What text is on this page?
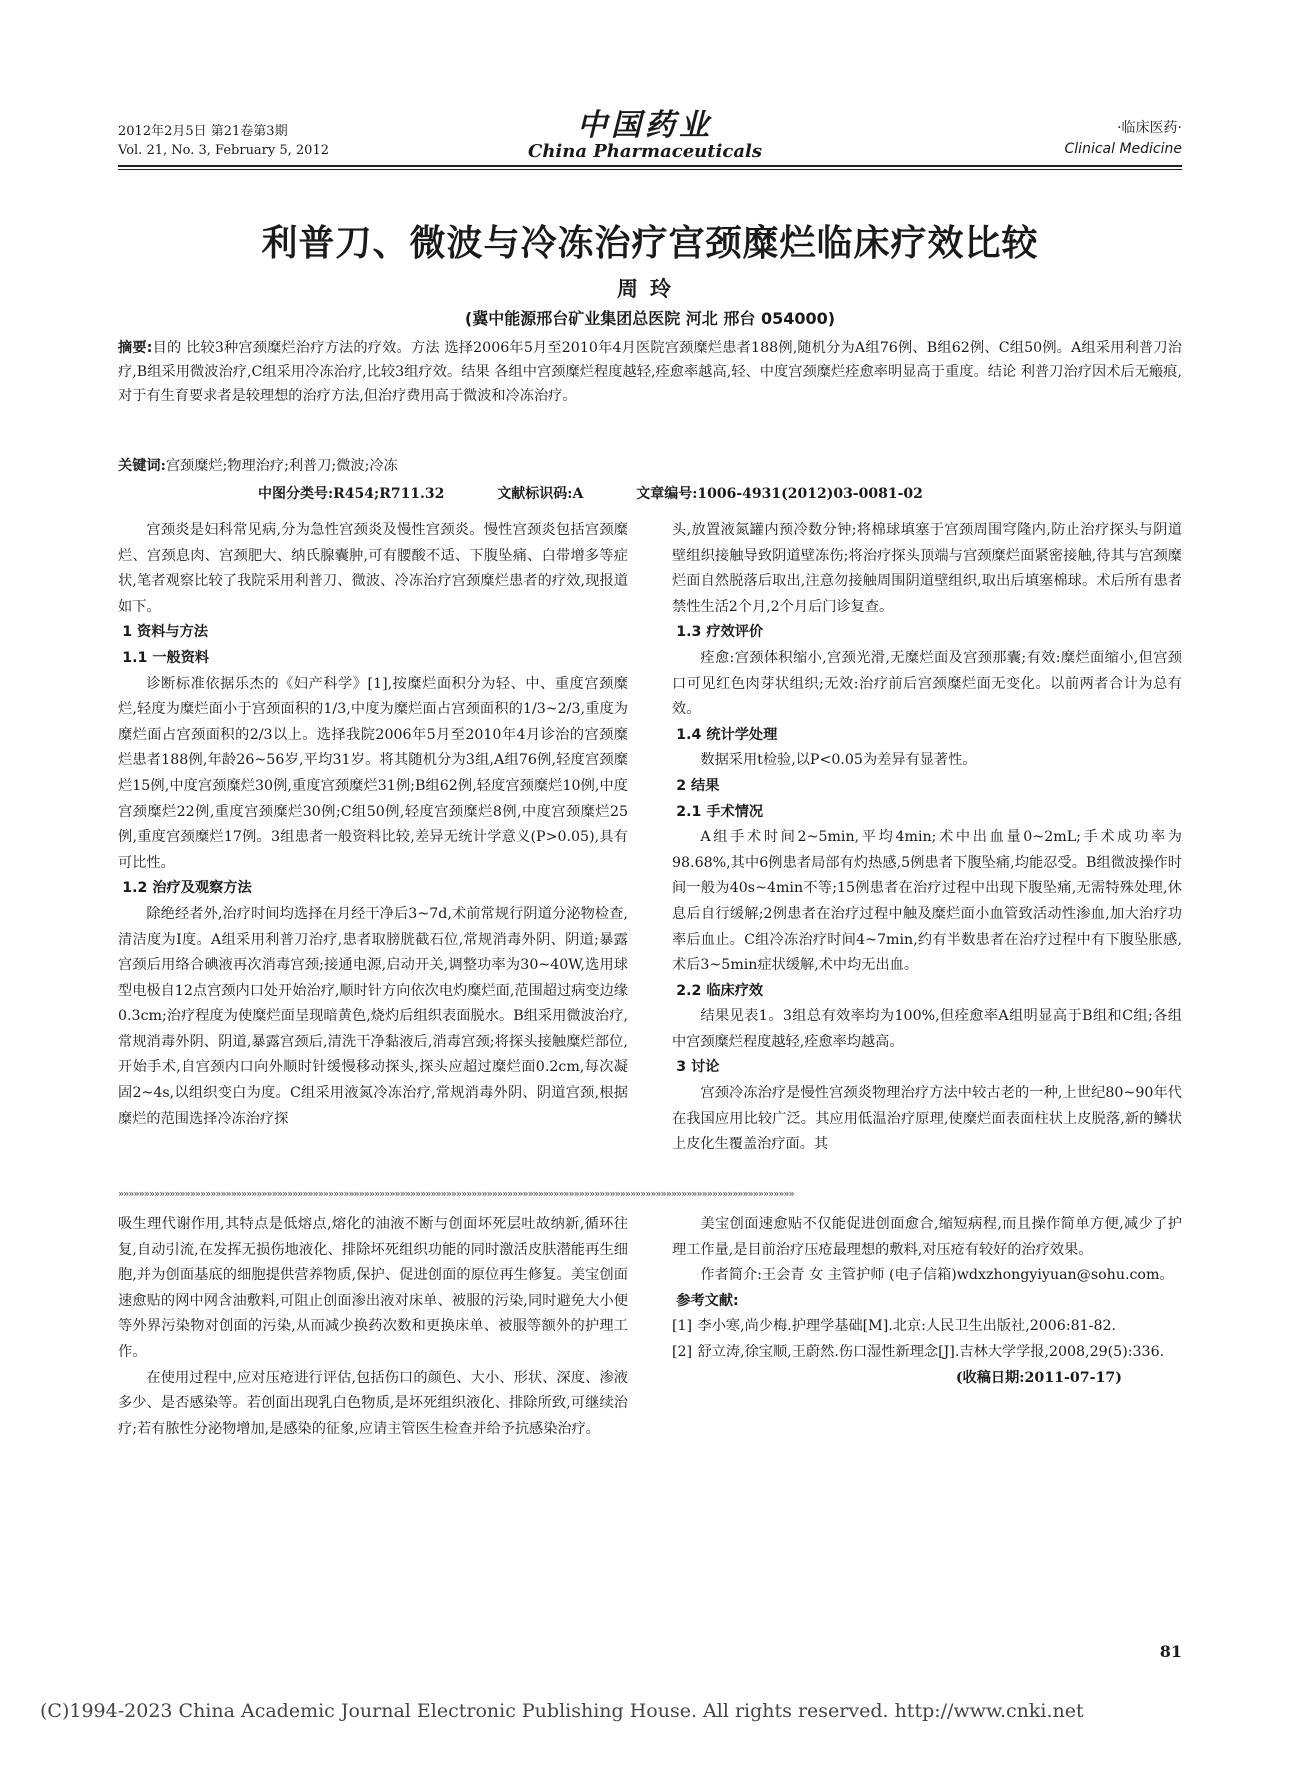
2012年2月5日 第21卷第3期
Vol. 21, No. 3, February 5, 2012
中国药业
China Pharmaceuticals
·临床医药·
Clinical Medicine
利普刀、微波与冷冻治疗宫颈糜烂临床疗效比较
周玲
(冀中能源邢台矿业集团总医院 河北 邢台 054000)
摘要:目的 比较3种宫颈糜烂治疗方法的疗效。方法 选择2006年5月至2010年4月医院宫颈糜烂患者188例,随机分为A组76例、B组62例、C组50例。A组采用利普刀治疗,B组采用微波治疗,C组采用冷冻治疗,比较3组疗效。结果 各组中宫颈糜烂程度越轻,痊愈率越高,轻、中度宫颈糜烂痊愈率明显高于重度。结论 利普刀治疗因术后无瘢痕,对于有生育要求者是较理想的治疗方法,但治疗费用高于微波和冷冻治疗。
关键词:宫颈糜烂;物理治疗;利普刀;微波;冷冻
中图分类号:R454;R711.32	文献标识码:A	文章编号:1006-4931(2012)03-0081-02

宫颈炎是妇科常见病,分为急性宫颈炎及慢性宫颈炎。慢性宫颈炎包括宫颈糜烂、宫颈息肉、宫颈肥大、纳氏腺囊肿,可有腰酸不适、下腹坠痛、白带增多等症状,笔者观察比较了我院采用利普刀、微波、冷冻治疗宫颈糜烂患者的疗效,现报道如下。

1 资料与方法
1.1 一般资料

诊断标准依据乐杰的《妇产科学》[1],按糜烂面积分为轻、中、重度宫颈糜烂,轻度为糜烂面小于宫颈面积的1/3,中度为糜烂面占宫颈面积的1/3~2/3,重度为糜烂面占宫颈面积的2/3以上。选择我院2006年5月至2010年4月诊治的宫颈糜烂患者188例,年龄26~56岁,平均31岁。将其随机分为3组,A组76例,轻度宫颈糜烂15例,中度宫颈糜烂30例,重度宫颈糜烂31例;B组62例,轻度宫颈糜烂10例,中度宫颈糜烂22例,重度宫颈糜烂30例;C组50例,轻度宫颈糜烂8例,中度宫颈糜烂25例,重度宫颈糜烂17例。3组患者一般资料比较,差异无统计学意义(P>0.05),具有可比性。

1.2 治疗及观察方法

除绝经者外,治疗时间均选择在月经干净后3~7d,术前常规行阴道分泌物检查,清洁度为Ⅰ度。A组采用利普刀治疗,患者取膀胱截石位,常规消毒外阴、阴道;暴露宫颈后用络合碘液再次消毒宫颈;接通电源,启动开关,调整功率为30~40W,选用球型电极自12点宫颈内口处开始治疗,顺时针方向依次电灼糜烂面,范围超过病变边缘0.3cm;治疗程度为使糜烂面呈现暗黄色,烧灼后组织表面脱水。B组采用微波治疗,常规消毒外阴、阴道,暴露宫颈后,清洗干净黏液后,消毒宫颈;将探头接触糜烂部位,开始手术,自宫颈内口向外顺时针缓慢移动探头,探头应超过糜烂面0.2cm,每次凝固2~4s,以组织变白为度。C组采用液氮冷冻治疗,常规消毒外阴、阴道宫颈,根据糜烂的范围选择冷冻治疗探

头,放置液氮罐内预冷数分钟;将棉球填塞于宫颈周围穹隆内,防止治疗探头与阴道壁组织接触导致阴道壁冻伤;将治疗探头顶端与宫颈糜烂面紧密接触,待其与宫颈糜烂面自然脱落后取出,注意勿接触周围阴道壁组织,取出后填塞棉球。术后所有患者禁性生活2个月,2个月后门诊复查。

1.3 疗效评价

痊愈:宫颈体积缩小,宫颈光滑,无糜烂面及宫颈那囊;有效:糜烂面缩小,但宫颈口可见红色肉芽状组织;无效:治疗前后宫颈糜烂面无变化。以前两者合计为总有效。

1.4 统计学处理

数据采用t检验,以P<0.05为差异有显著性。

2 结果
2.1 手术情况

A组手术时间2~5min,平均4min;术中出血量0~2mL;手术成功率为98.68%,其中6例患者局部有灼热感,5例患者下腹坠痛,均能忍受。B组微波操作时间一般为40s~4min不等;15例患者在治疗过程中出现下腹坠痛,无需特殊处理,休息后自行缓解;2例患者在治疗过程中触及糜烂面小血管致活动性渗血,加大治疗功率后血止。C组冷冻治疗时间4~7min,约有半数患者在治疗过程中有下腹坠胀感,术后3~5min症状缓解,术中均无出血。

2.2 临床疗效

结果见表1。3组总有效率均为100%,但痊愈率A组明显高于B组和C组;各组中宫颈糜烂程度越轻,痊愈率均越高。

3 讨论

宫颈冷冻治疗是慢性宫颈炎物理治疗方法中较古老的一种,上世纪80~90年代在我国应用比较广泛。其应用低温治疗原理,使糜烂面表面柱状上皮脱落,新的鳞状上皮化生覆盖治疗面。其

»»»»»»»»»»»»»»»»»»»»»»»»»»»»»»»»»»»»»»»»»»»»»»»»»»»»»»»»»»»»»»»»»»»»»»»»»»»»»»»»»»»»»»»»»»»»»»»»»»»»»»»»»»»»»»»»»»»»»»»»»»»»»»»»»»»»

吸生理代谢作用,其特点是低熔点,熔化的油液不断与创面坏死层吐故纳新,循环往复,自动引流,在发挥无损伤地液化、排除坏死组织功能的同时激活皮肤潜能再生细胞,并为创面基底的细胞提供营养物质,保护、促进创面的原位再生修复。美宝创面速愈贴的网中网含油敷料,可阻止创面渗出液对床单、被服的污染,同时避免大小便等外界污染物对创面的污染,从而减少换药次数和更换床单、被服等额外的护理工作。

在使用过程中,应对压疮进行评估,包括伤口的颜色、大小、形状、深度、渗液多少、是否感染等。若创面出现乳白色物质,是坏死组织液化、排除所致,可继续治疗;若有脓性分泌物增加,是感染的征象,应请主管医生检查并给予抗感染治疗。

美宝创面速愈贴不仅能促进创面愈合,缩短病程,而且操作简单方便,减少了护理工作量,是目前治疗压疮最理想的敷料,对压疮有较好的治疗效果。

作者简介:王会青 女 主管护师 (电子信箱)wdxzhongyiyuan@sohu.com。

参考文献:

[1] 李小寒,尚少梅.护理学基础[M].北京:人民卫生出版社,2006:81-82.

[2] 舒立涛,徐宝顺,王蔚然.伤口湿性新理念[J].吉林大学学报,2008,29(5):336.

(收稿日期:2011-07-17)

81
(C)1994-2023 China Academic Journal Electronic Publishing House. All rights reserved. http://www.cnki.net
